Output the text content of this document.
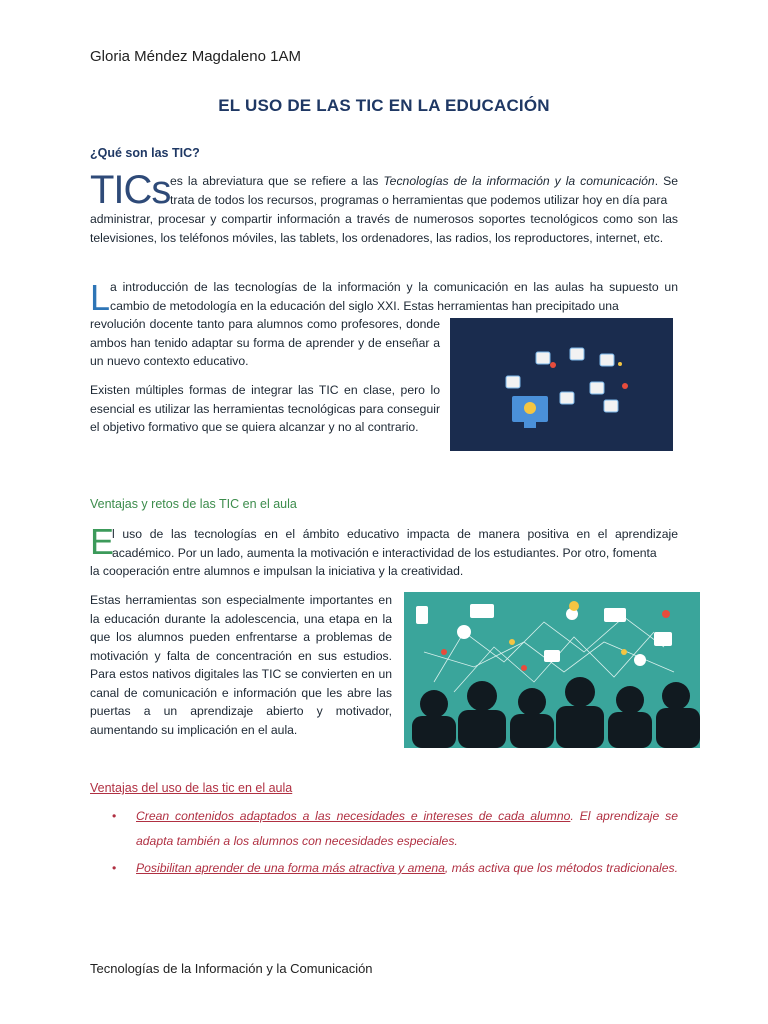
Gloria Méndez Magdaleno 1AM
EL USO DE LAS TIC EN LA EDUCACIÓN
¿Qué son las TIC?
TICs es la abreviatura que se refiere a las Tecnologías de la información y la comunicación. Se trata de todos los recursos, programas o herramientas que podemos utilizar hoy en día para
administrar, procesar y compartir información a través de numerosos soportes tecnológicos como son las televisiones, los teléfonos móviles, las tablets, los ordenadores, las radios, los reproductores, internet, etc.
L a introducción de las tecnologías de la información y la comunicación en las aulas ha supuesto un cambio de metodología en la educación del siglo XXI. Estas herramientas han precipitado una
revolución docente tanto para alumnos como profesores, donde ambos han tenido adaptar su forma de aprender y de enseñar a un nuevo contexto educativo.
Existen múltiples formas de integrar las TIC en clase, pero lo esencial es utilizar las herramientas tecnológicas para conseguir el objetivo formativo que se quiera alcanzar y no al contrario.
Ventajas y retos de las TIC en el aula
E
l uso de las tecnologías en el ámbito educativo impacta de manera positiva en el aprendizaje académico. Por un lado, aumenta la motivación e interactividad de los estudiantes. Por otro, fomenta
la cooperación entre alumnos e impulsan la iniciativa y la creatividad.
Estas herramientas son especialmente importantes en la educación durante la adolescencia, una etapa en la que los alumnos pueden enfrentarse a problemas de motivación y falta de concentración en sus estudios. Para estos nativos digitales las TIC se convierten en un canal de comunicación e información que les abre las puertas a un aprendizaje abierto y motivador, aumentando su implicación en el aula.
Ventajas del uso de las tic en el aula
• Crean contenidos adaptados a las necesidades e intereses de cada alumno. El aprendizaje se adapta también a los alumnos con necesidades especiales.
• Posibilitan aprender de una forma más atractiva y amena, más activa que los métodos tradicionales.
Tecnologías de la Información y la Comunicación
